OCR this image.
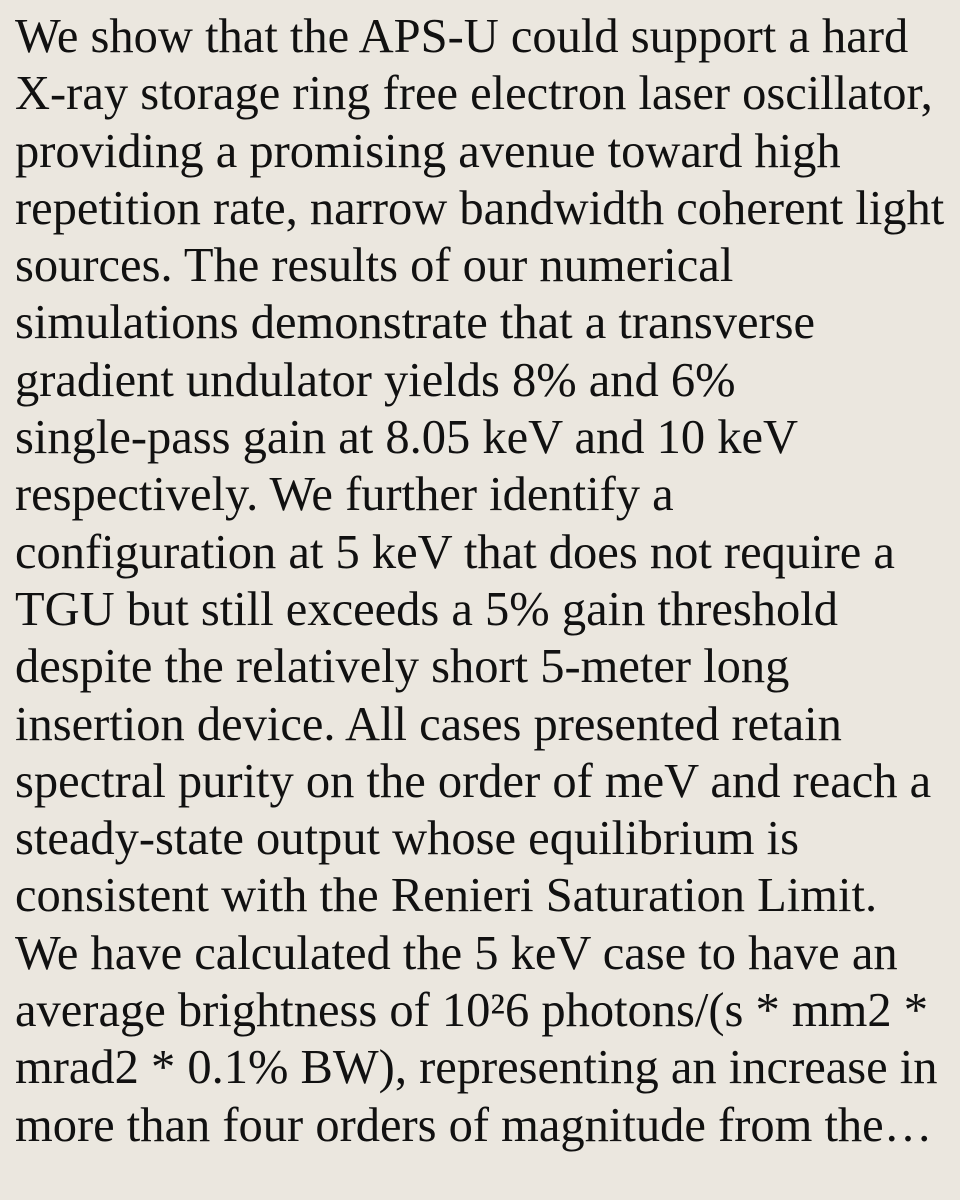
We show that the APS-U could support a hard
X-ray storage ring free electron laser oscillator,
providing a promising avenue toward high
repetition rate, narrow bandwidth coherent light
sources. The results of our numerical
simulations demonstrate that a transverse
gradient undulator yields 8% and 6%
single-pass gain at 8.05 keV and 10 keV
respectively. We further identify a
configuration at 5 keV that does not require a
TGU but still exceeds a 5% gain threshold
despite the relatively short 5-meter long
insertion device. All cases presented retain
spectral purity on the order of meV and reach a
steady-state output whose equilibrium is
consistent with the Renieri Saturation Limit.
We have calculated the 5 keV case to have an
average brightness of 10²6 photons/(s * mm2 *
mrad2 * 0.1% BW), representing an increase in
more than four orders of magnitude from the…
